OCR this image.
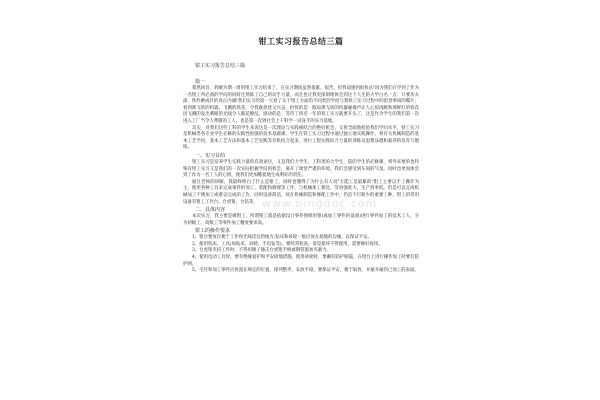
钳工实习报告总结三篇
钳工实习报告总结三篇
篇一

蓦然回首，转瞬为期一周的钳工实习结束了，在实习期间虽然很累、很苦，但我却感到很快乐!因为我们在学到了作为一名钳工所必备的学问的同时还熬炼了自己的动手力量，而且也让我更深刻地体会到这个人生的大学白名一点：只要功夫深，铁杵磨成针的真正内涵!我们实习的第一天看了关于钳工方面的不同类的学问与我铁工实习过程中的留意事项的碟片，看到那飞转的机器、飞溅的铁花，令我既担忧又兴奋，担忧的是：假如那飞转的机器碰撞声让人心惊肉跳和那鲜红的铁花因飞溅的发出刺眼的光线令人眼花缭乱、感动的是：等待了将近一年的铁工实习就要开头了，这是作为学生的我们第一次进入工厂当令人尊敬的工人，也是第一次到社会上干科学一试身手的实习基地。

其实，对我们这些工科的学生来说这是一次理论与实践相结合的绝好机会，又将全面地检验我们学问水平，铁工实习是机械类各专业学生必修的实践性很强的技术基础课，学生在铁工实习过程中通过独立地实践操作，将有关机械制造的基本工艺学问，基本工艺方法和基本工艺实践等有机结合起来，进行工程实践综合力量的训练及思想品德和素养的培育与锻炼。

一、实习目的

钳工实习是培养学生实践力量的有效途径，又是我们大学生、工科类的大学生，院的学生的必修课，将外来要的也特殊有钳工实习又是我们的一次实际把握学问的机会，离开了课堂严谨的环境，我们会感受到车间的气氛，同时也更加体会到了作为一名工人的心情，使我们更加酷爱地生成利好的责任。

通过老师的讲解，我最终明白了什么是钳工，同时也懂得了为什么有人说"万能工是最累的"钳工主要以手工操作为主，使用各种工具来完成零件的加工，装配和修理等工作，与机械加工相比，劳动强度大、生产效率低，但是可以完成机械加工不便加工或难以完成的工作，同时设备简洁，故在机械制造和修配工作中，仍是不行缺少的重要工种，钳工的常用设备有钳工工作台、台虎钳、台钻等。

二、具体内容

本次实习，我主要是做钳工，所谓钳工就是依据设计零件图纸用钳(或加工零件的设备)进行零件加工的技术工人，分为初级工、高级工等零件加工精度要求高。

钳工的操作要求

1、钳台要放在便于工作和光线适宜的地方;钻床和砂轮一般应放在场地的边缘，以保证平安。

2、使用机床、工具(如钻床、砂轮、手电钻等)，要经常检查，发觉损坏不得使用，需要修好再用。

3、台虎钳夹持工件时，不得用锤子锤击台虎钳手柄或钢管施加夹紧力。

4、使用电动工具时，要有绝缘爱护和平安接地措施。使用砂轮时，要戴好防护眼镜，在钳台上进行操作加工时要有防护网。

5、毛坯和加工零件应放置在规定的位置，排列整齐，安放平稳，要保证平安，便于取放，并避开碰伤已加工的表面。

www.bingdoc.com
